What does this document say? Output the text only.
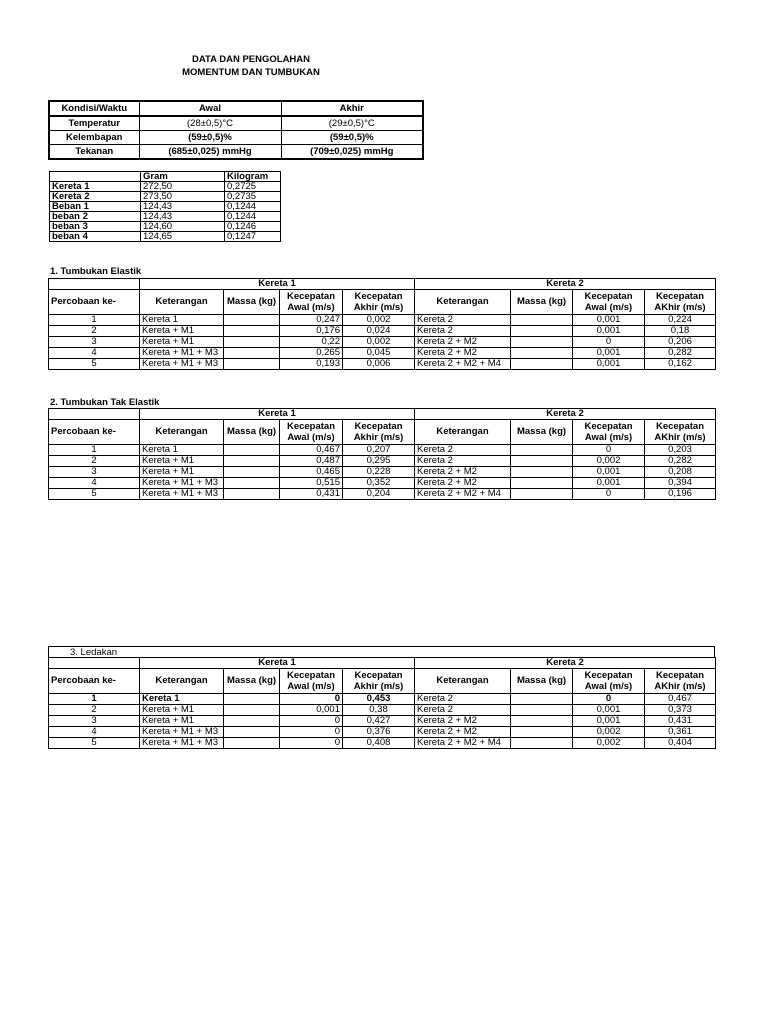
DATA DAN PENGOLAHAN
MOMENTUM DAN TUMBUKAN
Kondisi/Waktu	Awal	Akhir
Temperatur	(28±0,5)°C	(29±0,5)°C
Kelembapan	(59±0,5)%	(59±0,5)%
Tekanan	(685±0,025) mmHg	(709±0,025) mmHg
	Gram	Kilogram
Kereta 1	272,50	0,2725
Kereta 2	273,50	0,2735
Beban 1	124,43	0,1244
beban 2	124,43	0,1244
beban 3	124,60	0,1246
beban 4	124,65	0,1247
1. Tumbukan Elastik
2. Tumbukan Tak Elastik
3. Ledakan
	Kereta 1				Kereta 2			
Percobaan ke-	Keterangan	Massa (kg)	Kecepatan Awal (m/s)	Kecepatan Akhir (m/s)	Keterangan	Massa (kg)	Kecepatan Awal (m/s)	Kecepatan AKhir (m/s)
1	Kereta 1		0,247	0,002	Kereta 2		0,001	0,224
2	Kereta + M1		0,176	0,024	Kereta 2		0,001	0,18
3	Kereta + M1		0,22	0,002	Kereta 2 + M2		0	0,206
4	Kereta + M1 + M3		0,265	0,045	Kereta 2 + M2		0,001	0,282
5	Kereta + M1 + M3		0,193	0,006	Kereta 2 + M2 + M4		0,001	0,162
	Kereta 1				Kereta 2			
Percobaan ke-	Keterangan	Massa (kg)	Kecepatan Awal (m/s)	Kecepatan Akhir (m/s)	Keterangan	Massa (kg)	Kecepatan Awal (m/s)	Kecepatan AKhir (m/s)
1	Kereta 1		0,467	0,207	Kereta 2		0	0,203
2	Kereta + M1		0,487	0,295	Kereta 2		0,002	0,282
3	Kereta + M1		0,465	0,228	Kereta 2 + M2		0,001	0,208
4	Kereta + M1 + M3		0,515	0,352	Kereta 2 + M2		0,001	0,394
5	Kereta + M1 + M3		0,431	0,204	Kereta 2 + M2 + M4		0	0,196
	Kereta 1				Kereta 2			
Percobaan ke-	Keterangan	Massa (kg)	Kecepatan Awal (m/s)	Kecepatan Akhir (m/s)	Keterangan	Massa (kg)	Kecepatan Awal (m/s)	Kecepatan AKhir (m/s)
1	Kereta 1		0	0,453	Kereta 2		0	0,467
2	Kereta + M1		0,001	0,38	Kereta 2		0,001	0,373
3	Kereta + M1		0	0,427	Kereta 2 + M2		0,001	0,431
4	Kereta + M1 + M3		0	0,376	Kereta 2 + M2		0,002	0,361
5	Kereta + M1 + M3		0	0,408	Kereta 2 + M2 + M4		0,002	0,404
